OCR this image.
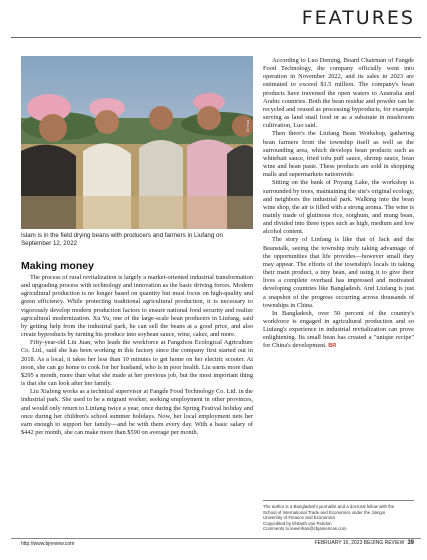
FEATURES
Xinhua
Islam is in the field drying beans with producers and farmers in Liufang on September 12, 2022
Making money

The process of rural revitalization is largely a market-oriented industrial transformation and upgrading process with technology and innovation as the basic driving forces. Modern agricultural production is no longer based on quantity but must focus on high-quality and green efficiency. While protecting traditional agricultural production, it is necessary to vigorously develop modern production factors to ensure national food security and realize agricultural modernization. Xu Yu, one of the large-scale bean producers in Liufang, said by getting help from the industrial park, he can sell the beans at a good price, and also create byproducts by turning his produce into soybean sauce, wine, cakes, and more.

Fifty-year-old Liu Juan, who leads the workforce at Fangzhou Ecological Agriculture Co. Ltd., said she has been working in this factory since the company first started out in 2018. As a local, it takes her less than 10 minutes to get home on her electric scooter. At noon, she can go home to cook for her husband, who is in poor health. Liu earns more than $295 a month, more than what she made at her previous job, but the most important thing is that she can look after her family.

Liu Xiafeng works as a technical supervisor at Fangde Food Technology Co. Ltd. in the industrial park. She used to be a migrant worker, seeking employment in other provinces, and would only return to Linfang twice a year, once during the Spring Festival holiday and once during her children's school summer holidays. Now, her local employment nets her earn enough to support her family—and be with them every day. With a basic salary of $442 per month, she can make more than $590 on average per month.

According to Luo Deming, Board Chairman of Fangde Food Technology, the company officially went into operation in November 2022, and its sales in 2023 are estimated to exceed $1.5 million. The company's bean products have traversed the open waters to Australia and Arabic countries. Both the bean residue and powder can be recycled and reused as processing byproducts, for example serving as land snail food or as a substrate in mushroom cultivation, Luo said.

Then there's the Liufang Bean Workshop, gathering bean farmers from the township itself as well as the surrounding area, which develops bean products such as whitebait sauce, fried tofu puff sauce, shrimp sauce, bean wine and bean paste. These products are sold in shopping malls and supermarkets nationwide.

Sitting on the bank of Poyang Lake, the workshop is surrounded by trees, maintaining the site's original ecology, and neighbors the industrial park. Walking into the bean wine shop, the air is filled with a strong aroma. The wine is mainly made of glutinous rice, sorghum, and mung bean, and divided into three types such as high, medium and low alcohol content.

The story of Linfang is like that of Jack and the Beanstalk, seeing the township truly taking advantage of the opportunities that life provides—however small they may appear. The efforts of the township's locals in taking their main product, a tiny bean, and using it to give their lives a complete overhaul has impressed and motivated developing countries like Bangladesh. And Liufang is just a snapshot of the progress occurring across thousands of townships in China.

In Bangladesh, over 50 percent of the country's workforce is engaged in agricultural production and so Liufang's experience in industrial revitalization can prove enlightening. Its small bean has created a "unique recipe" for China's development. BR

The author is a Bangladeshi journalist and a doctoral fellow with the
School of International Trade and Economics under the Jiangxi
University of Finance and Economics
Copyedited by Elsbeth van Paridon
Comments to lewenhan@cbjamericas.com
http://www.bjreview.com	FEBRUARY 16, 2023 BEIJING REVIEW 39
